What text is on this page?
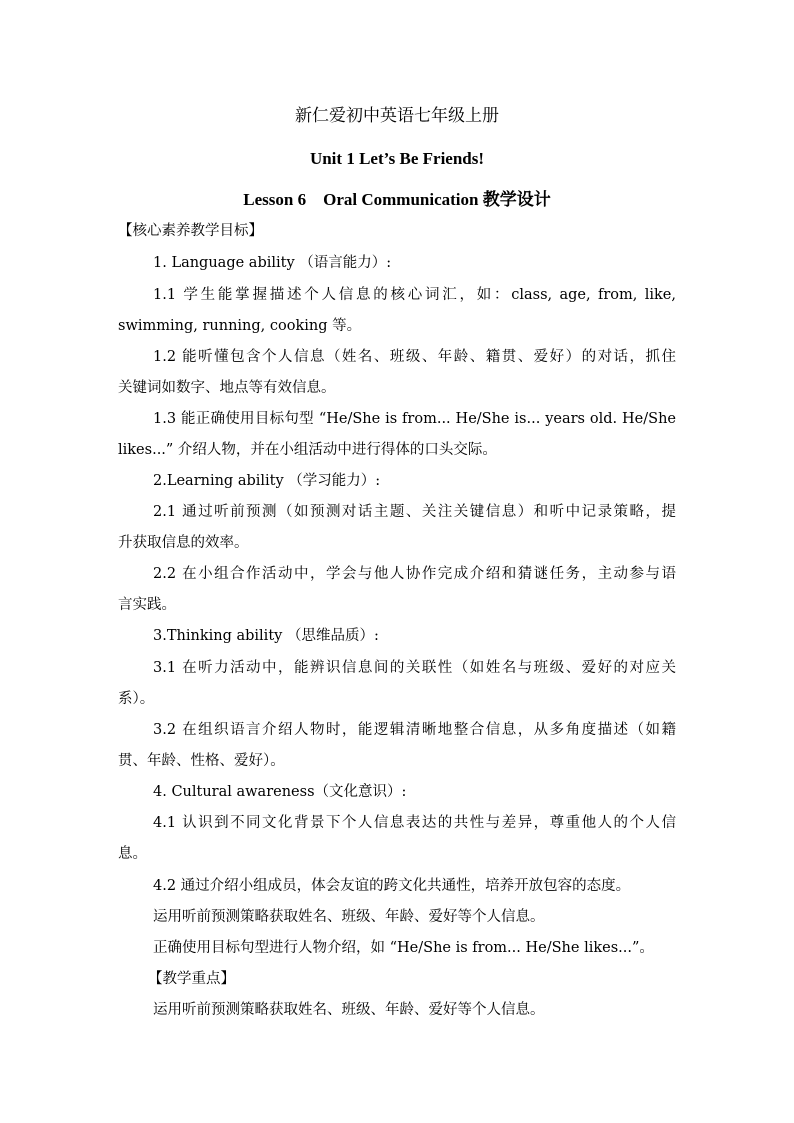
新仁爱初中英语七年级上册
Unit 1 Let’s Be Friends!
Lesson 6　Oral Communication 教学设计
【核心素养教学目标】
1. Language ability （语言能力）:
1.1 学生能掌握描述个人信息的核心词汇，如：class, age, from, like,
swimming, running, cooking 等。
1.2 能听懂包含个人信息（姓名、班级、年龄、籍贯、爱好）的对话，抓住
关键词如数字、地点等有效信息。
1.3 能正确使用目标句型 “He/She is from... He/She is... years old. He/She
likes...” 介绍人物，并在小组活动中进行得体的口头交际。
2.Learning ability （学习能力）:
2.1 通过听前预测（如预测对话主题、关注关键信息）和听中记录策略，提
升获取信息的效率。
2.2 在小组合作活动中，学会与他人协作完成介绍和猜谜任务，主动参与语
言实践。
3.Thinking ability （思维品质）:
3.1 在听力活动中，能辨识信息间的关联性（如姓名与班级、爱好的对应关
系）。
3.2 在组织语言介绍人物时，能逻辑清晰地整合信息，从多角度描述（如籍
贯、年龄、性格、爱好）。
4. Cultural awareness（文化意识）:
4.1 认识到不同文化背景下个人信息表达的共性与差异，尊重他人的个人信
息。
4.2 通过介绍小组成员，体会友谊的跨文化共通性，培养开放包容的态度。
运用听前预测策略获取姓名、班级、年龄、爱好等个人信息。
正确使用目标句型进行人物介绍，如 “He/She is from... He/She likes...”。
【教学重点】
运用听前预测策略获取姓名、班级、年龄、爱好等个人信息。
